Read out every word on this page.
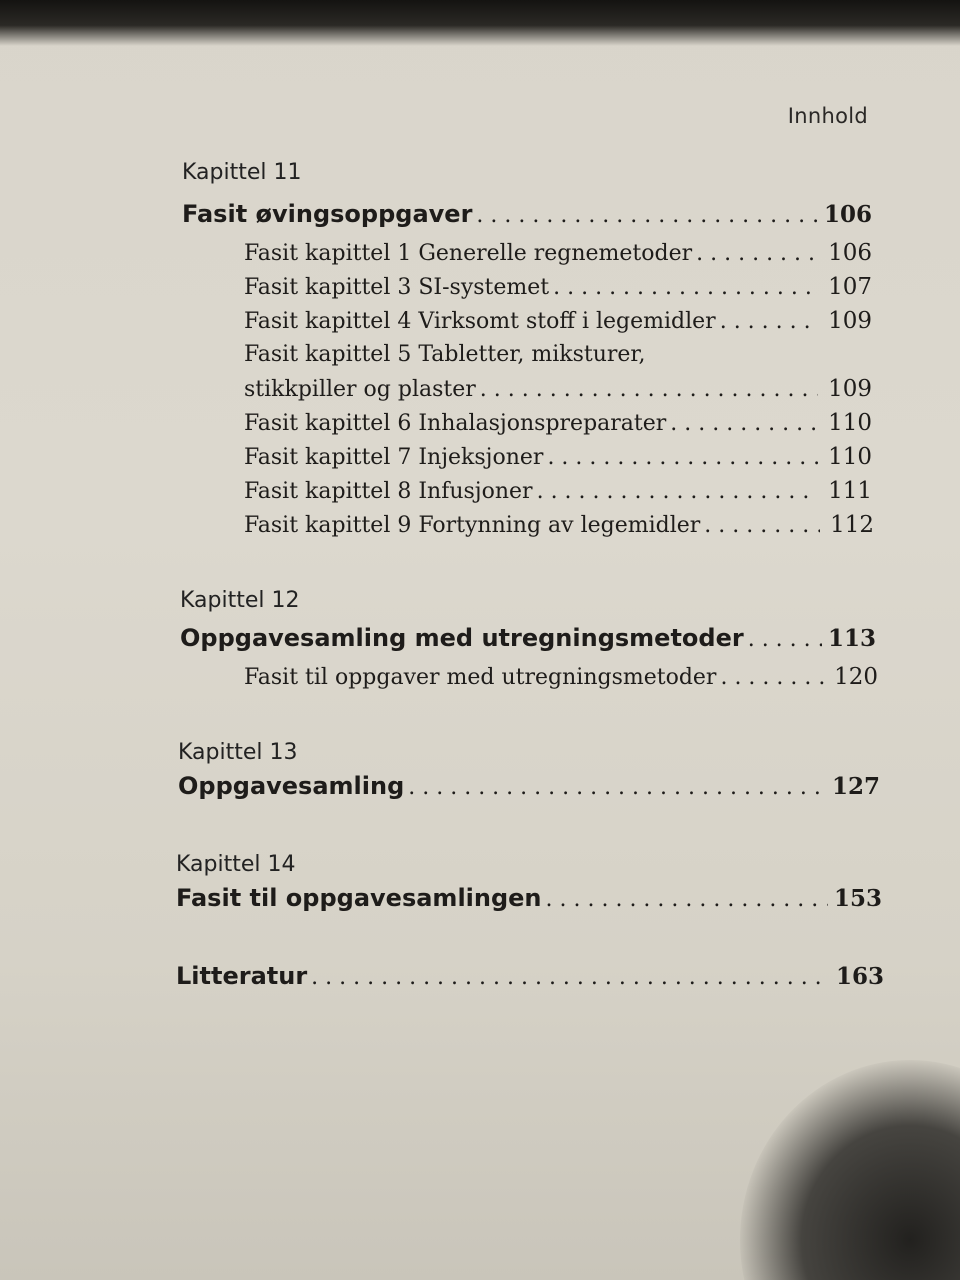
Innhold
Kapittel 11
Fasit øvingsoppgaver . . .	106
Fasit kapittel 1 Generelle regnemetoder . . .	106
Fasit kapittel 3 SI-systemet . . .	107
Fasit kapittel 4 Virksomt stoff i legemidler . . .	109
Fasit kapittel 5 Tabletter, miksturer,
stikkpiller og plaster . . .	109
Fasit kapittel 6 Inhalasjonspreparater . . .	110
Fasit kapittel 7 Injeksjoner . . .	110
Fasit kapittel 8 Infusjoner . . .	111
Fasit kapittel 9 Fortynning av legemidler . . .	112
Kapittel 12
Oppgavesamling med utregningsmetoder . . .	113
Fasit til oppgaver med utregningsmetoder . . .	120
Kapittel 13
Oppgavesamling . . .	127
Kapittel 14
Fasit til oppgavesamlingen . . .	153
Litteratur . . .	163
